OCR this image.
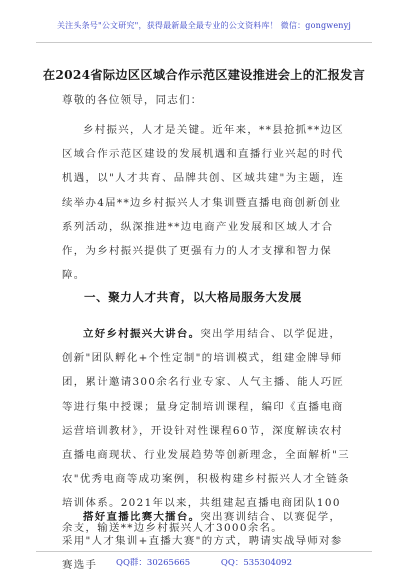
关注头条号"公文研究"，获得最新最全最专业的公文资料库！ 微信：gongwenyj
在2024省际边区区域合作示范区建设推进会上的汇报发言
尊敬的各位领导，同志们：

乡村振兴，人才是关键。近年来，**县抢抓**边区区域合作示范区建设的发展机遇和直播行业兴起的时代机遇，以"人才共育、品牌共创、区域共建"为主题，连续举办4届**边乡村振兴人才集训暨直播电商创新创业系列活动，纵深推进**边电商产业发展和区域人才合作，为乡村振兴提供了更强有力的人才支撑和智力保障。

一、聚力人才共育，以大格局服务大发展

立好乡村振兴大讲台。突出学用结合、以学促进，创新"团队孵化+个性定制"的培训模式，组建金牌导师团，累计邀请300余名行业专家、人气主播、能人巧匠等进行集中授课；量身定制培训课程，编印《直播电商运营培训教材》，开设针对性课程60节，深度解读农村直播电商现状、行业发展趋势等创新理念，全面解析"三农"优秀电商等成功案例，积极构建乡村振兴人才全链条培训体系。2021年以来，共组建起直播电商团队100余支，输送**边乡村振兴人才3000余名。

搭好直播比赛大擂台。突出赛训结合、以赛促学，采用"人才集训+直播大赛"的方式，聘请实战导师对参赛选手	QQ群：30265665	QQ：535304092
